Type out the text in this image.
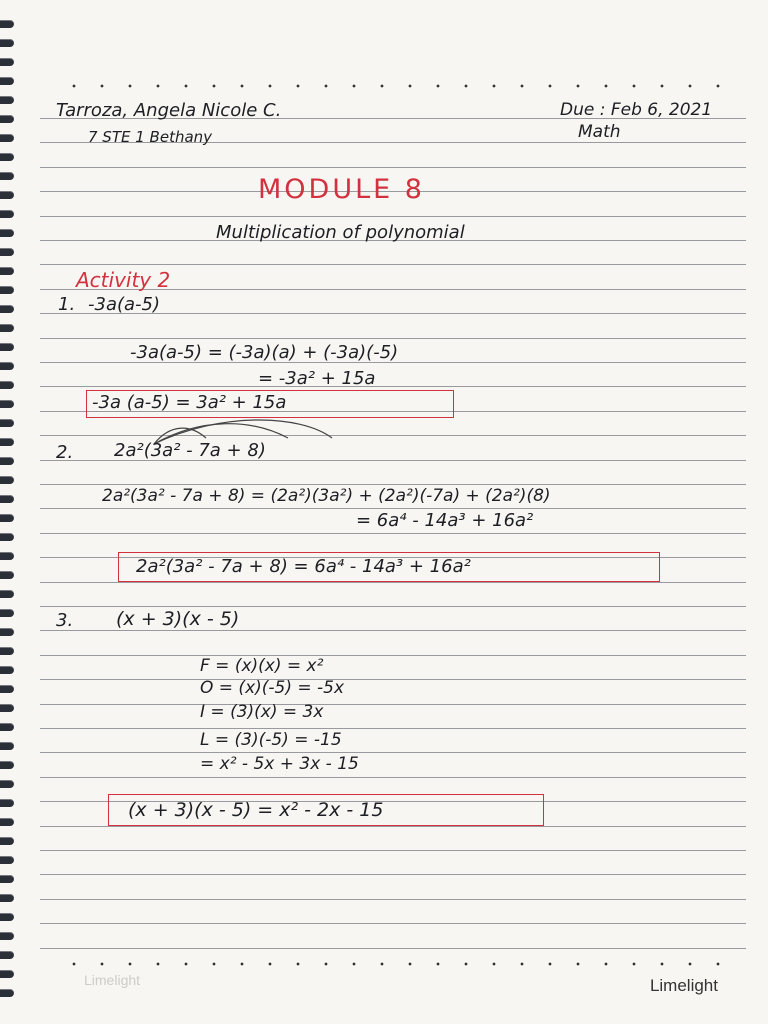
Tarroza, Angela Nicole C.
7 STE 1 Bethany
Due : Feb 6, 2021
Math
MODULE 8
Multiplication of polynomial
Activity 2
1. -3a(a-5)
-3a(a-5) = (-3a)(a) + (-3a)(-5)
= -3a² + 15a
-3a (a-5) = 3a² + 15a
2. 2a²(3a² - 7a + 8)
2a²(3a² - 7a + 8) = (2a²)(3a²) + (2a²)(-7a) + (2a²)(8)
= 6a⁴ - 14a³ + 16a²
2a²(3a² - 7a + 8) = 6a⁴ - 14a³ + 16a²
3. (x + 3)(x - 5)
F = (x)(x) = x²
O = (x)(-5) = -5x
I = (3)(x) = 3x
L = (3)(-5) = -15
= x² - 5x + 3x - 15
(x + 3)(x - 5) = x² - 2x - 15
Limelight	Limelight
